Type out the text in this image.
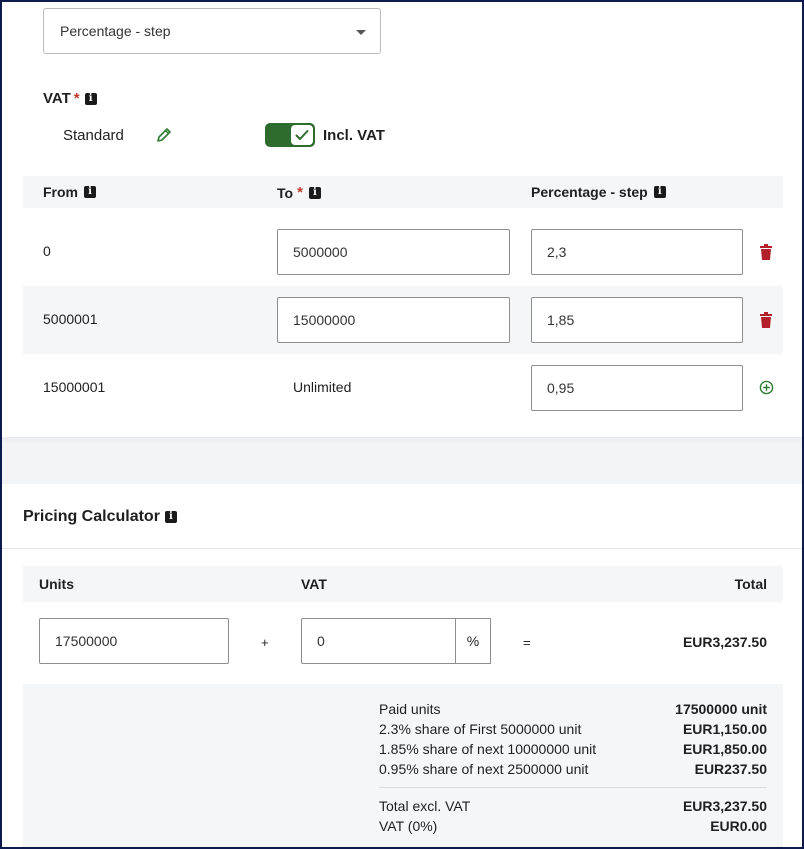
Percentage - step
VAT * i
Standard	Incl. VAT
From	i	To *	i	Percentage - step	i
0	5000000	2,3
5000001	15000000	1,85
15000001	Unlimited	0,95
Pricing Calculator i
Units	VAT	Total
17500000	+	0	%	=	EUR3,237.50
Paid units	17500000 unit
2.3% share of First 5000000 unit	EUR1,150.00
1.85% share of next 10000000 unit	EUR1,850.00
0.95% share of next 2500000 unit	EUR237.50
Total excl. VAT	EUR3,237.50
VAT (0%)	EUR0.00
